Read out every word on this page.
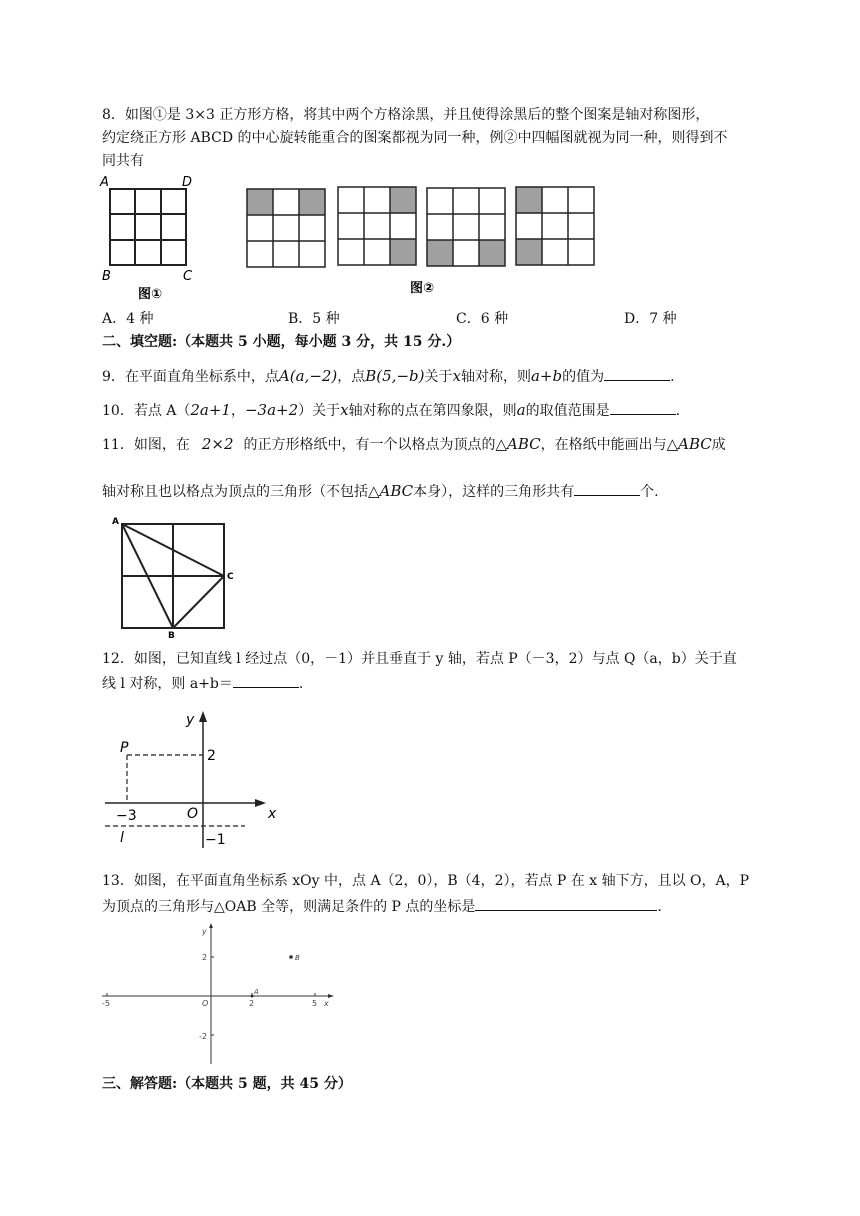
8．如图①是 3×3 正方形方格，将其中两个方格涂黑，并且使得涂黑后的整个图案是轴对称图形，
约定绕正方形 ABCD 的中心旋转能重合的图案都视为同一种，例②中四幅图就视为同一种，则得到不
同共有
A	D
B	C
图①	图②
A．4 种	B．5 种	C．6 种	D．7 种
二、填空题:（本题共 5 小题，每小题 3 分，共 15 分.）
9．在平面直角坐标系中，点A(a,−2)，点B(5,−b)关于x轴对称，则a+b的值为	.
10．若点 A（2a+1，−3a+2）关于x轴对称的点在第四象限，则a的取值范围是	.
11．如图，在 2×2 的正方形格纸中，有一个以格点为顶点的△ABC，在格纸中能画出与△ABC成
轴对称且也以格点为顶点的三角形（不包括△ABC本身），这样的三角形共有	个.
A
C
B
12．如图，已知直线 l 经过点（0，－1）并且垂直于 y 轴，若点 P（－3，2）与点 Q（a，b）关于直
线 l 对称，则 a+b＝	.
y
P	2
O	x
−3
l	−1
13．如图，在平面直角坐标系 xOy 中，点 A（2，0），B（4，2），若点 P 在 x 轴下方，且以 O，A，P
为顶点的三角形与△OAB 全等，则满足条件的 P 点的坐标是	.
y
2	B
-5	O
A
2	5 x
-2
三、解答题:（本题共 5 题，共 45 分）
